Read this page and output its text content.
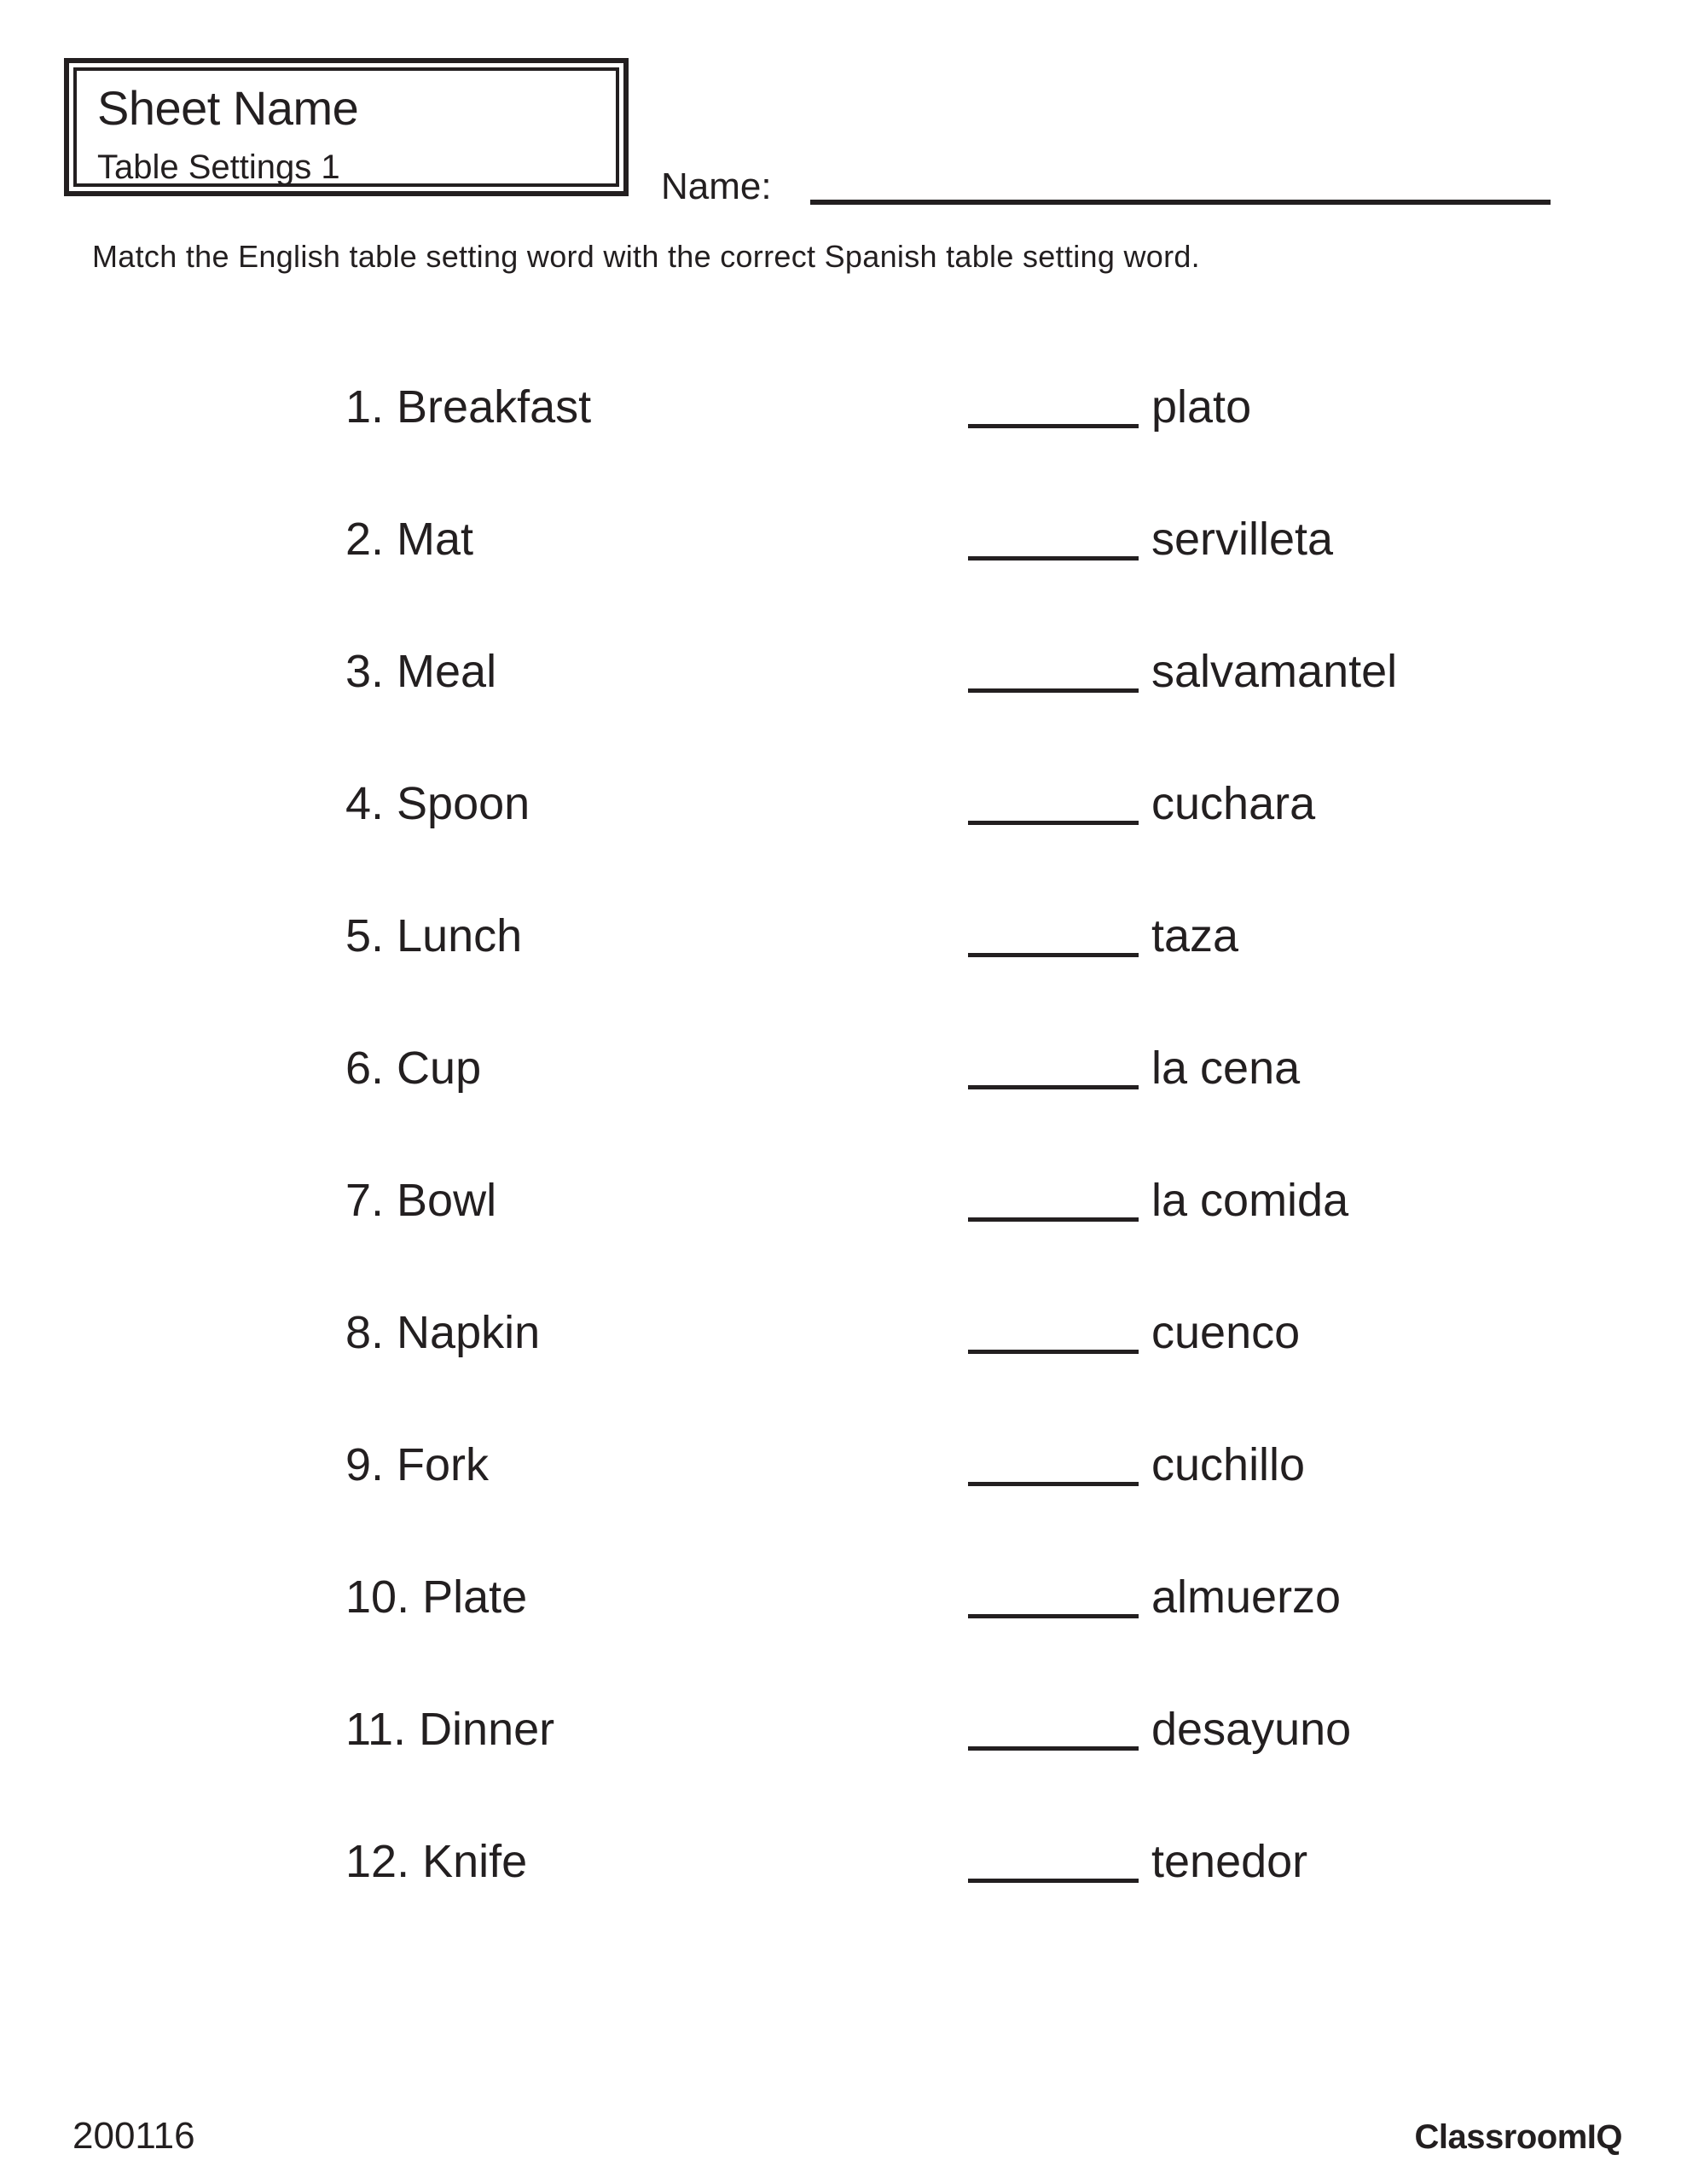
Sheet Name
Table Settings 1	Name:
Match the English table setting word with the correct Spanish table setting word.
1. Breakfast	plato
2. Mat	servilleta
3. Meal	salvamantel
4. Spoon	cuchara
5. Lunch	taza
6. Cup	la cena
7. Bowl	la comida
8. Napkin	cuenco
9. Fork	cuchillo
10. Plate	almuerzo
11. Dinner	desayuno
12. Knife	tenedor
200116	ClassroomIQ
